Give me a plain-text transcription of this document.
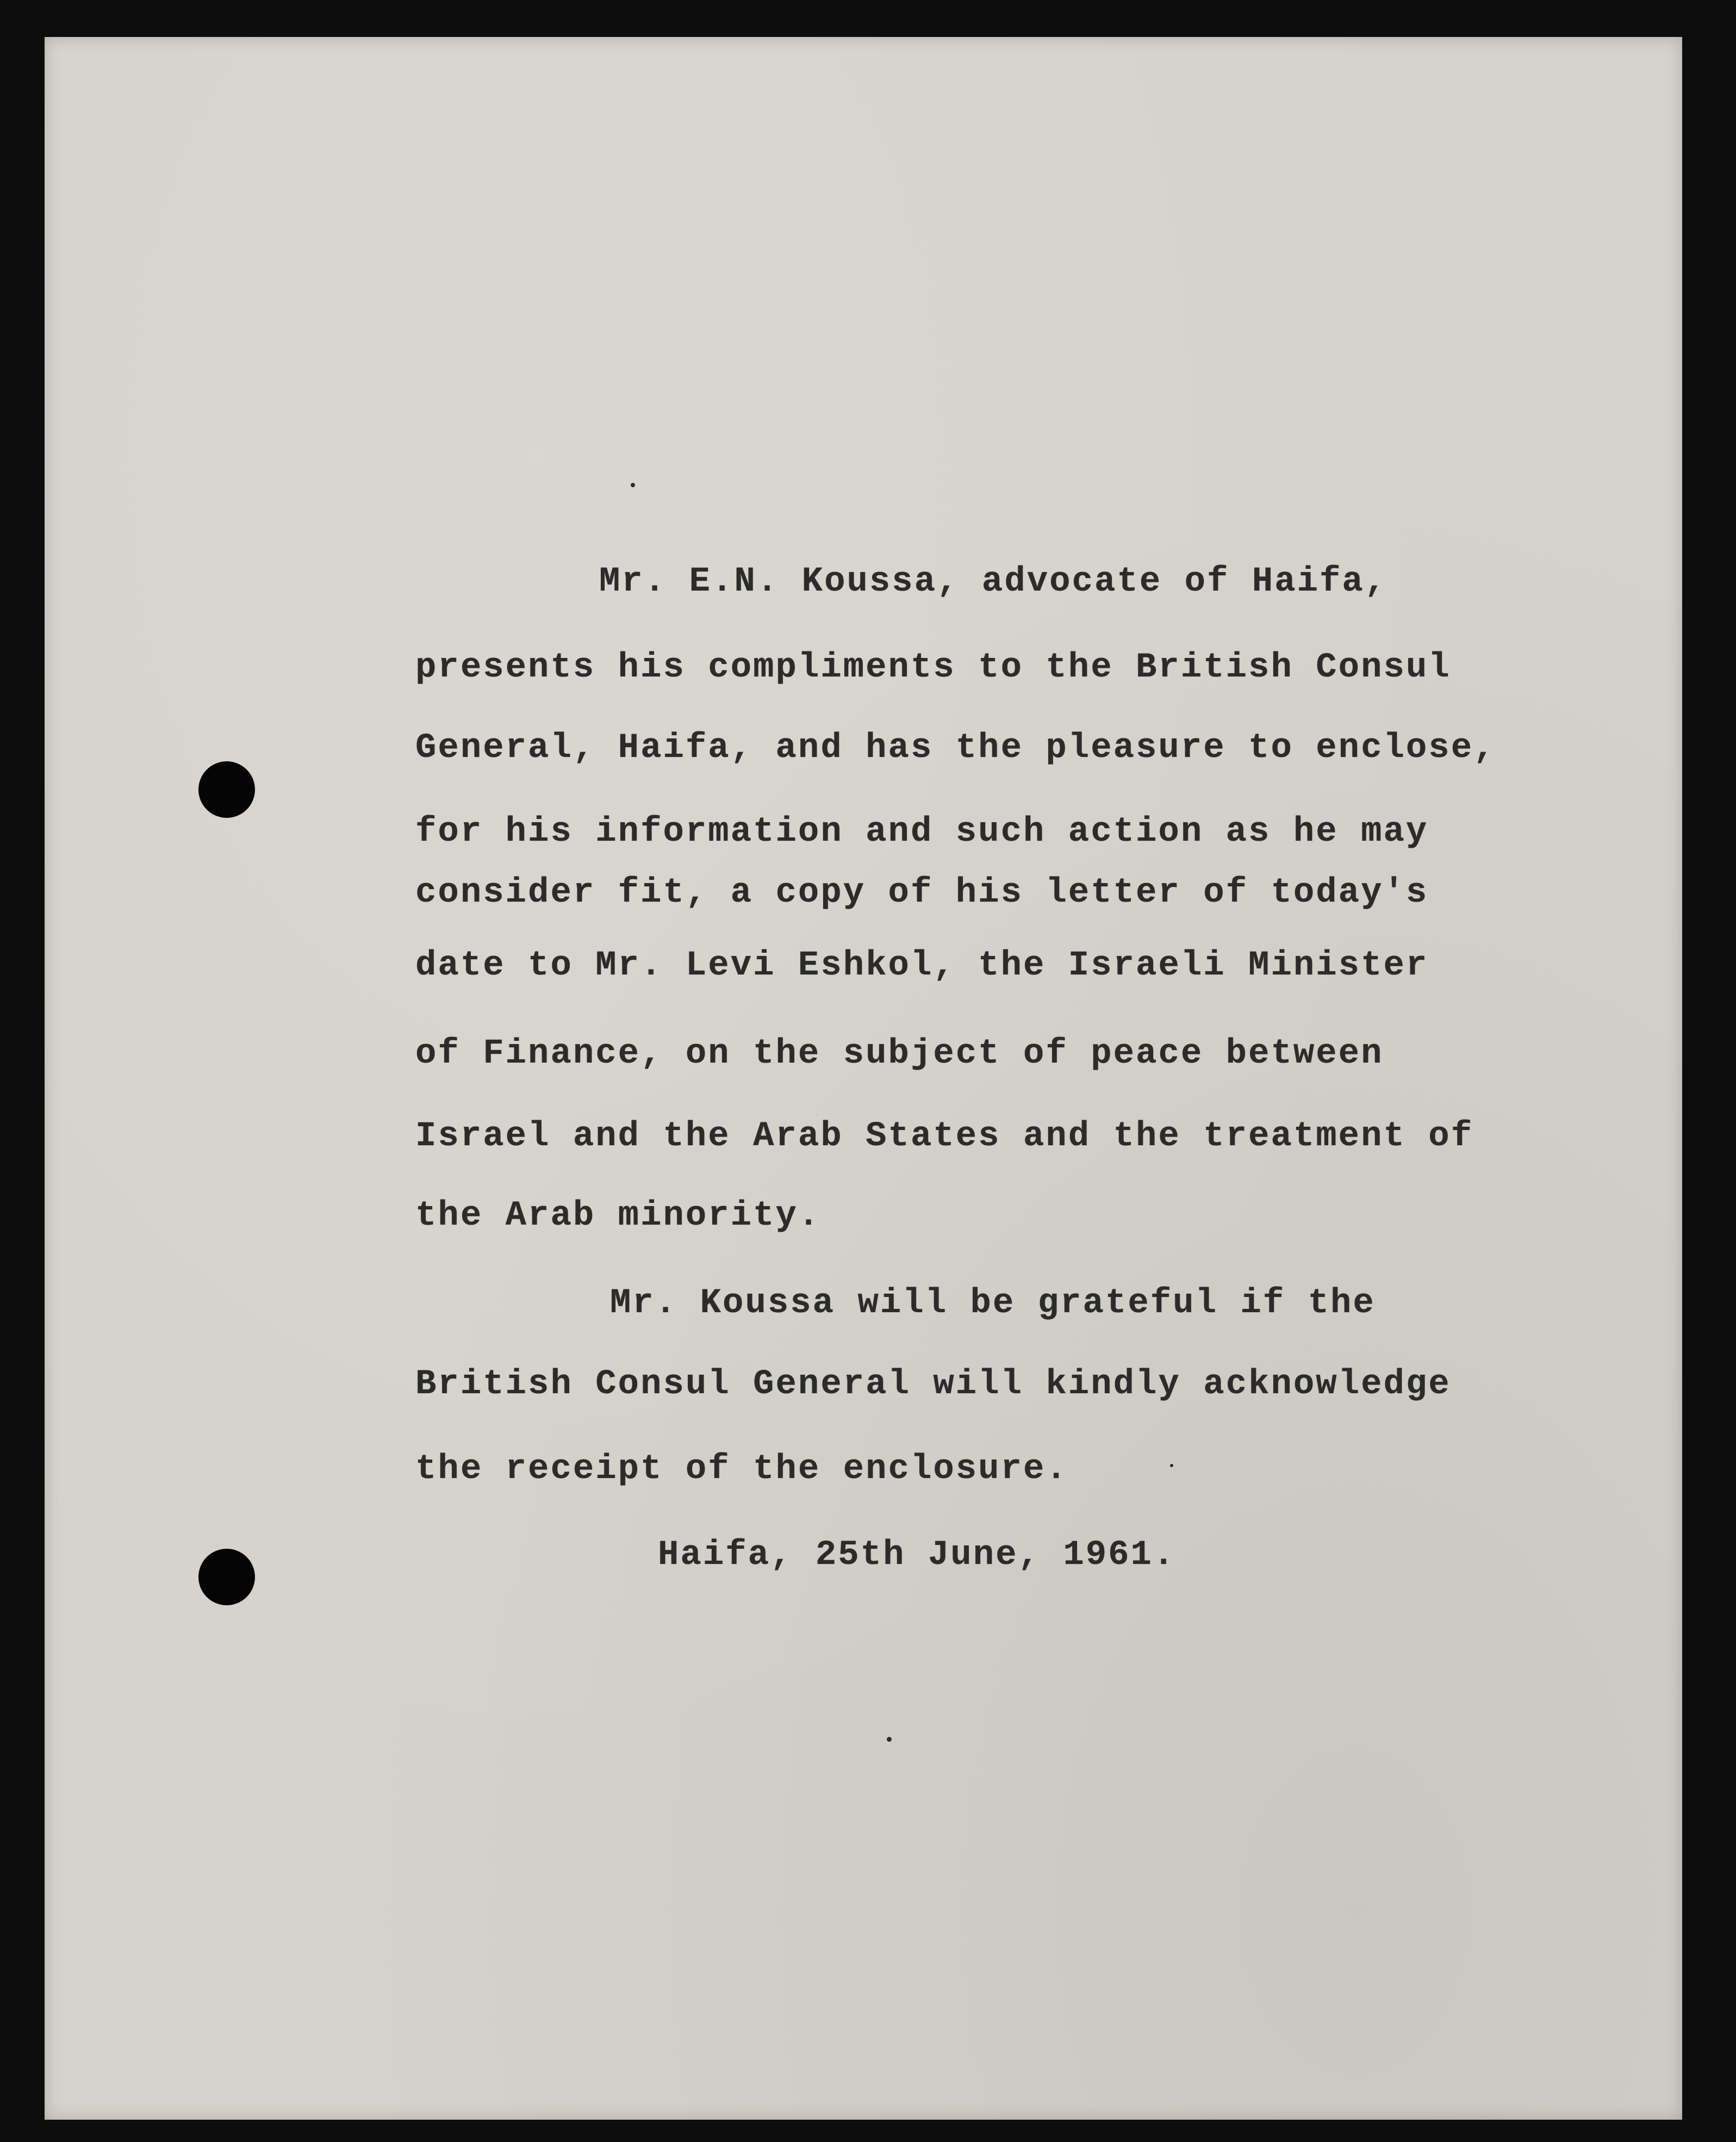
Mr. E.N. Koussa, advocate of Haifa,
presents his compliments to the British Consul
General, Haifa, and has the pleasure to enclose,
for his information and such action as he may
consider fit, a copy of his letter of today's
date to Mr. Levi Eshkol, the Israeli Minister
of Finance, on the subject of peace between
Israel and the Arab States and the treatment of
the Arab minority.
Mr. Koussa will be grateful if the
British Consul General will kindly acknowledge
the receipt of the enclosure.
Haifa, 25th June, 1961.
